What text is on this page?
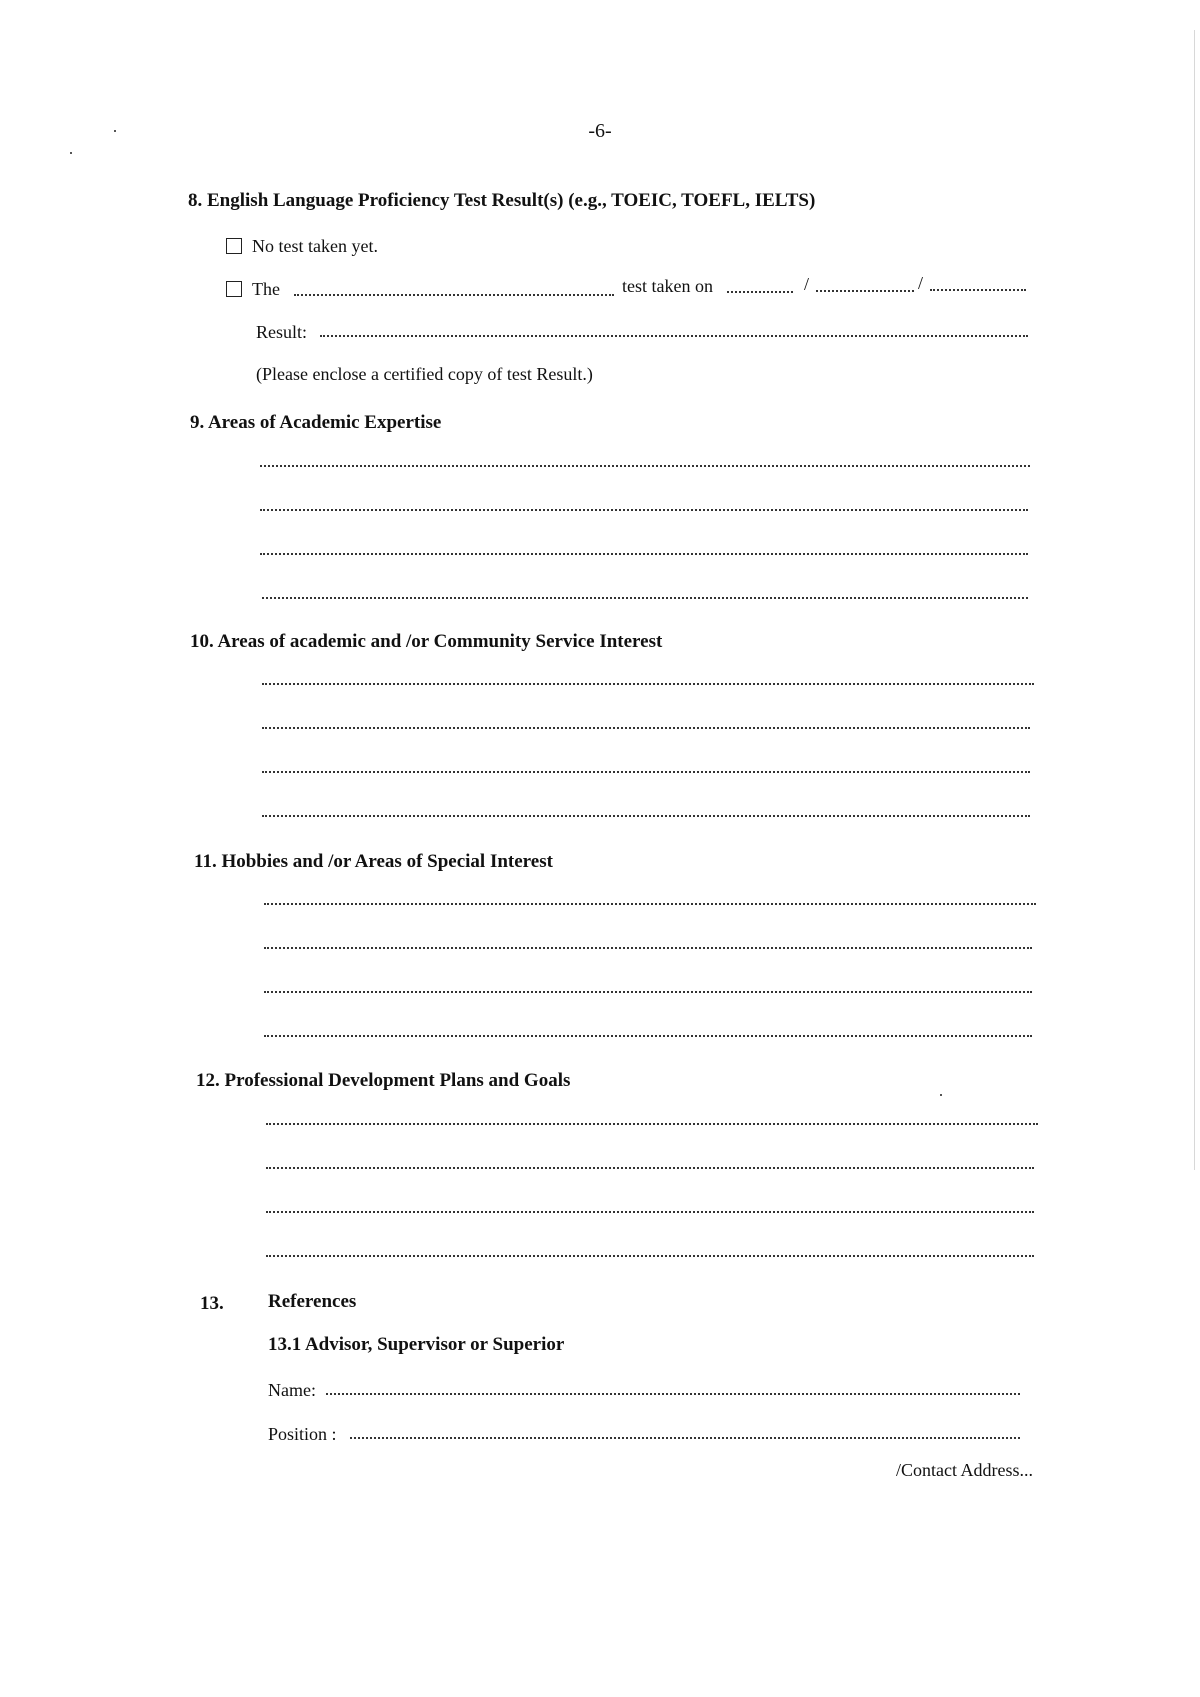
-6-
8. English Language Proficiency Test Result(s) (e.g., TOEIC, TOEFL, IELTS)
No test taken yet.
The	test taken on	/	/
Result:
(Please enclose a certified copy of test Result.)
9. Areas of Academic Expertise
10. Areas of academic and /or Community Service Interest
11. Hobbies and /or Areas of Special Interest
12. Professional Development Plans and Goals
13. References
13.1 Advisor, Supervisor or Superior
Name:
Position :
/Contact Address...
